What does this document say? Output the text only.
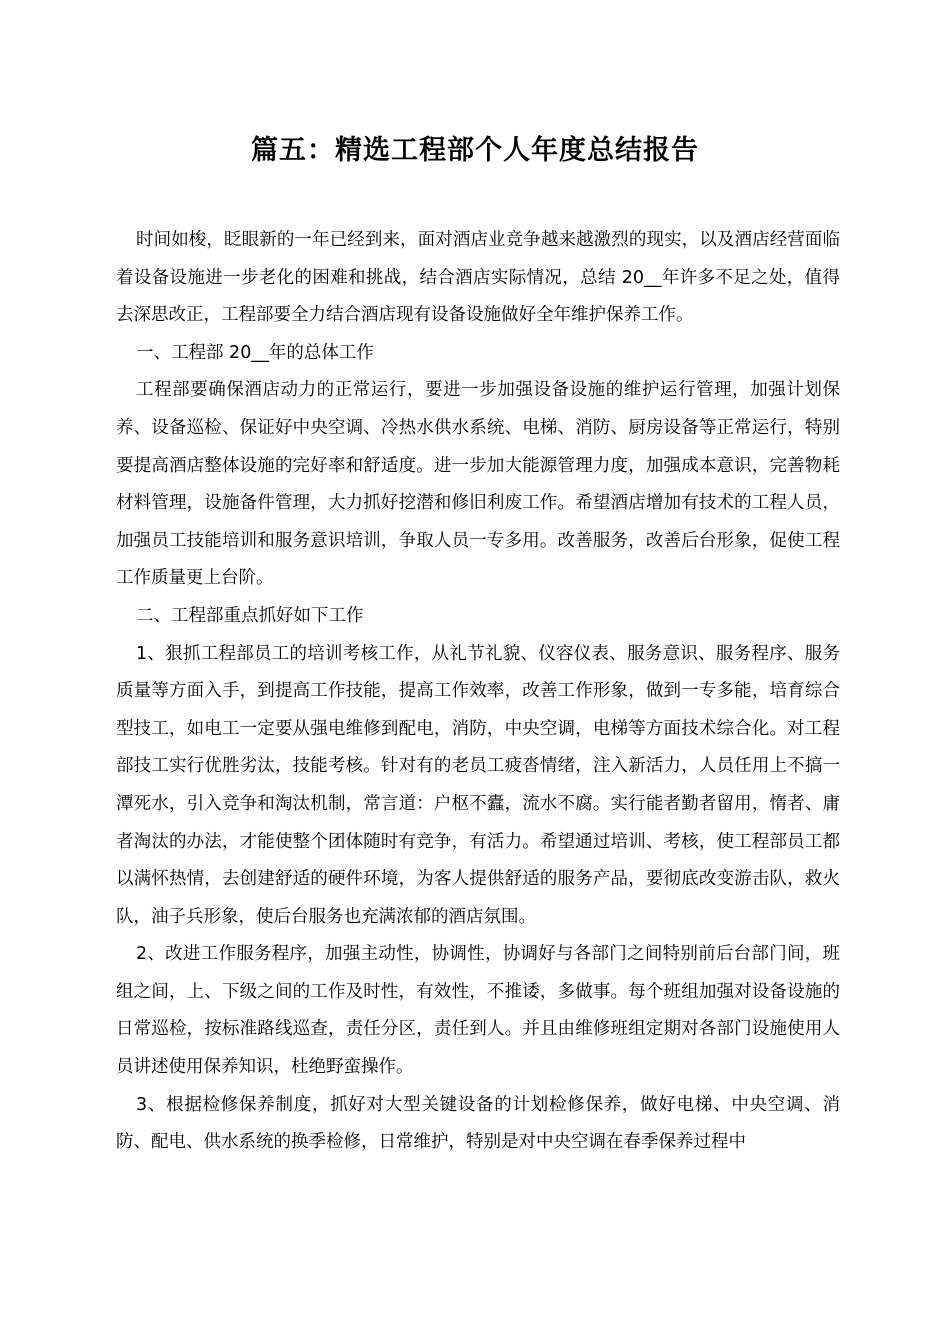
篇五：精选工程部个人年度总结报告

时间如梭，眨眼新的一年已经到来，面对酒店业竞争越来越激烈的现实，以及酒店经营面临着设备设施进一步老化的困难和挑战，结合酒店实际情况，总结 20__年许多不足之处，值得去深思改正，工程部要全力结合酒店现有设备设施做好全年维护保养工作。

一、工程部 20__年的总体工作

工程部要确保酒店动力的正常运行，要进一步加强设备设施的维护运行管理，加强计划保养、设备巡检、保证好中央空调、冷热水供水系统、电梯、消防、厨房设备等正常运行，特别要提高酒店整体设施的完好率和舒适度。进一步加大能源管理力度，加强成本意识，完善物耗材料管理，设施备件管理，大力抓好挖潜和修旧利废工作。希望酒店增加有技术的工程人员，加强员工技能培训和服务意识培训，争取人员一专多用。改善服务，改善后台形象，促使工程工作质量更上台阶。

二、工程部重点抓好如下工作

1、狠抓工程部员工的培训考核工作，从礼节礼貌、仪容仪表、服务意识、服务程序、服务质量等方面入手，到提高工作技能，提高工作效率，改善工作形象，做到一专多能，培育综合型技工，如电工一定要从强电维修到配电，消防，中央空调，电梯等方面技术综合化。对工程部技工实行优胜劣汰，技能考核。针对有的老员工疲沓情绪，注入新活力，人员任用上不搞一潭死水，引入竞争和淘汰机制，常言道：户枢不蠹，流水不腐。实行能者勤者留用，惰者、庸者淘汰的办法，才能使整个团体随时有竞争，有活力。希望通过培训、考核，使工程部员工都以满怀热情，去创建舒适的硬件环境，为客人提供舒适的服务产品，要彻底改变游击队，救火队，油子兵形象，使后台服务也充满浓郁的酒店氛围。

2、改进工作服务程序，加强主动性，协调性，协调好与各部门之间特别前后台部门间，班组之间，上、下级之间的工作及时性，有效性，不推诿，多做事。每个班组加强对设备设施的日常巡检，按标准路线巡查，责任分区，责任到人。并且由维修班组定期对各部门设施使用人员讲述使用保养知识，杜绝野蛮操作。

3、根据检修保养制度，抓好对大型关键设备的计划检修保养，做好电梯、中央空调、消防、配电、供水系统的换季检修，日常维护，特别是对中央空调在春季保养过程中
